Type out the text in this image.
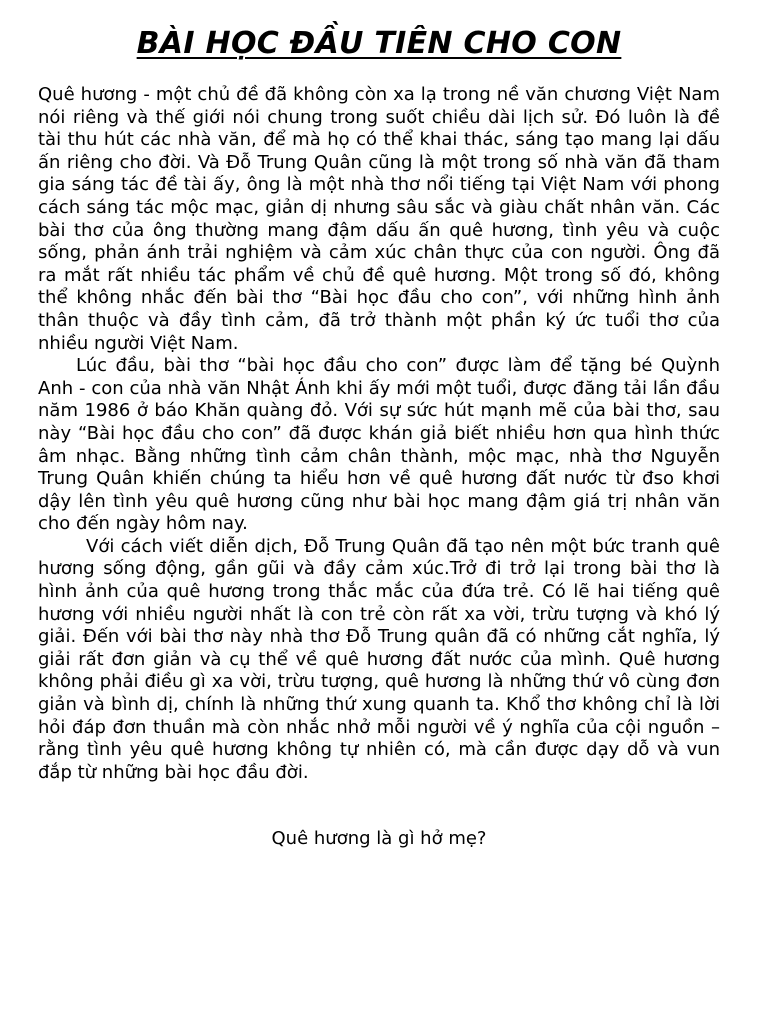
BÀI HỌC ĐẦU TIÊN CHO CON

Quê hương - một chủ đề đã không còn xa lạ trong nề văn chương Việt Nam nói riêng và thế giới nói chung trong suốt chiều dài lịch sử. Đó luôn là đề tài thu hút các nhà văn, để mà họ có thể khai thác, sáng tạo mang lại dấu ấn riêng cho đời. Và Đỗ Trung Quân cũng là một trong số nhà văn đã tham gia sáng tác đề tài ấy, ông là một nhà thơ nổi tiếng tại Việt Nam với phong cách sáng tác mộc mạc, giản dị nhưng sâu sắc và giàu chất nhân văn. Các bài thơ của ông thường mang đậm dấu ấn quê hương, tình yêu và cuộc sống, phản ánh trải nghiệm và cảm xúc chân thực của con người. Ông đã ra mắt rất nhiều tác phẩm về chủ đề quê hương. Một trong số đó, không thể không nhắc đến bài thơ “Bài học đầu cho con”, với những hình ảnh thân thuộc và đầy tình cảm, đã trở thành một phần ký ức tuổi thơ của nhiều người Việt Nam.

Lúc đầu, bài thơ “bài học đầu cho con” được làm để tặng bé Quỳnh Anh - con của nhà văn Nhật Ánh khi ấy mới một tuổi, được đăng tải lần đầu năm 1986 ở báo Khăn quàng đỏ. Với sự sức hút mạnh mẽ của bài thơ, sau này “Bài học đầu cho con” đã được khán giả biết nhiều hơn qua hình thức âm nhạc. Bằng những tình cảm chân thành, mộc mạc, nhà thơ Nguyễn Trung Quân khiến chúng ta hiểu hơn về quê hương đất nước từ đso khơi dậy lên tình yêu quê hương cũng như bài học mang đậm giá trị nhân văn cho đến ngày hôm nay.

Với cách viết diễn dịch, Đỗ Trung Quân đã tạo nên một bức tranh quê hương sống động, gần gũi và đầy cảm xúc.Trở đi trở lại trong bài thơ là hình ảnh của quê hương trong thắc mắc của đứa trẻ. Có lẽ hai tiếng quê hương với nhiều người nhất là con trẻ còn rất xa vời, trừu tượng và khó lý giải. Đến với bài thơ này nhà thơ Đỗ Trung quân đã có những cắt nghĩa, lý giải rất đơn giản và cụ thể về quê hương đất nước của mình. Quê hương không phải điều gì xa vời, trừu tượng, quê hương là những thứ vô cùng đơn giản và bình dị, chính là những thứ xung quanh ta. Khổ thơ không chỉ là lời hỏi đáp đơn thuần mà còn nhắc nhở mỗi người về ý nghĩa của cội nguồn – rằng tình yêu quê hương không tự nhiên có, mà cần được dạy dỗ và vun đắp từ những bài học đầu đời.

Quê hương là gì hở mẹ?
